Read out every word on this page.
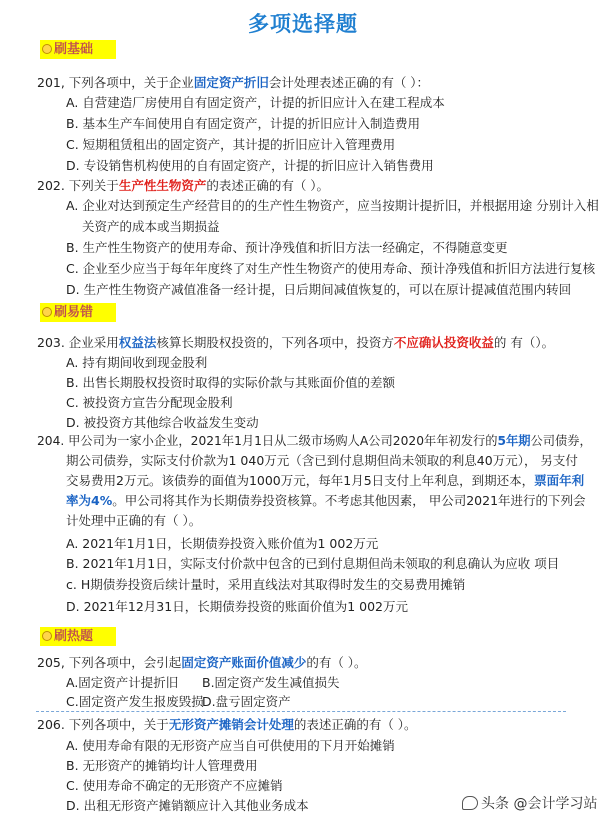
多项选择题
刷基础
201, 下列各项中，关于企业固定资产折旧会计处理表述正确的有（ ）：
A. 自营建造厂房使用自有固定资产，计提的折旧应计入在建工程成本
B. 基本生产车间使用自有固定资产，计提的折旧应计入制造费用
C. 短期租赁租出的固定资产，其计提的折旧应计入管理费用
D. 专设销售机构使用的自有固定资产，计提的折旧应计入销售费用
202. 下列关于生产性生物资产的表述正确的有（ ）。
A. 企业对达到预定生产经营目的的生产性生物资产，应当按期计提折旧，并根据用途 分别计入相
关资产的成本或当期损益
B. 生产性生物资产的使用寿命、预计净残值和折旧方法一经确定，不得随意变更
C. 企业至少应当于每年年度终了对生产性生物资产的使用寿命、预计净残值和折旧方法进行复核
D. 生产性生物资产减值准备一经计提，日后期间减值恢复的，可以在原计提减值范围内转回
刷易错
203. 企业采用权益法核算长期股权投资的，下列各项中，投资方不应确认投资收益的 有（）。
A. 持有期间收到现金股利
B. 出售长期股权投资时取得的实际价款与其账面价值的差额
C. 被投资方宣告分配现金股利
D. 被投资方其他综合收益发生变动
204. 甲公司为一家小企业，2021年1月1日从二级市场购人A公司2020年年初发行的5年期公司债券，
期公司债券，实际支付价款为1 040万元（含已到付息期但尚未领取的利息40万元）， 另支付
交易费用2万元。该债券的面值为1000万元，每年1月5日支付上年利息，到期还本，票面年利
率为4%。甲公司将其作为长期债券投资核算。不考虑其他因素， 甲公司2021年进行的下列会
计处理中正确的有（ ）。
A. 2021年1月1日，长期债券投资入账价值为1 002万元
B. 2021年1月1日，实际支付价款中包含的已到付息期但尚未领取的利息确认为应收 项目
c. H期债券投资后续计量时，采用直线法对其取得时发生的交易费用摊销
D. 2021年12月31日，长期债券投资的账面价值为1 002万元
刷热题
205, 下列各项中，会引起固定资产账面价值减少的有（ ）。
A.固定资产计提折旧 B.固定资产发生减值损失
C.固定资产发生报废毁损
D.盘亏固定资产
206. 下列各项中，关于无形资产摊销会计处理的表述正确的有（ ）。
A. 使用寿命有限的无形资产应当自可供使用的下月开始摊销
B. 无形资产的摊销均计人管理费用
C. 使用寿命不确定的无形资产不应摊销
D. 出租无形资产摊销额应计入其他业务成本	头条 @会计学习站
